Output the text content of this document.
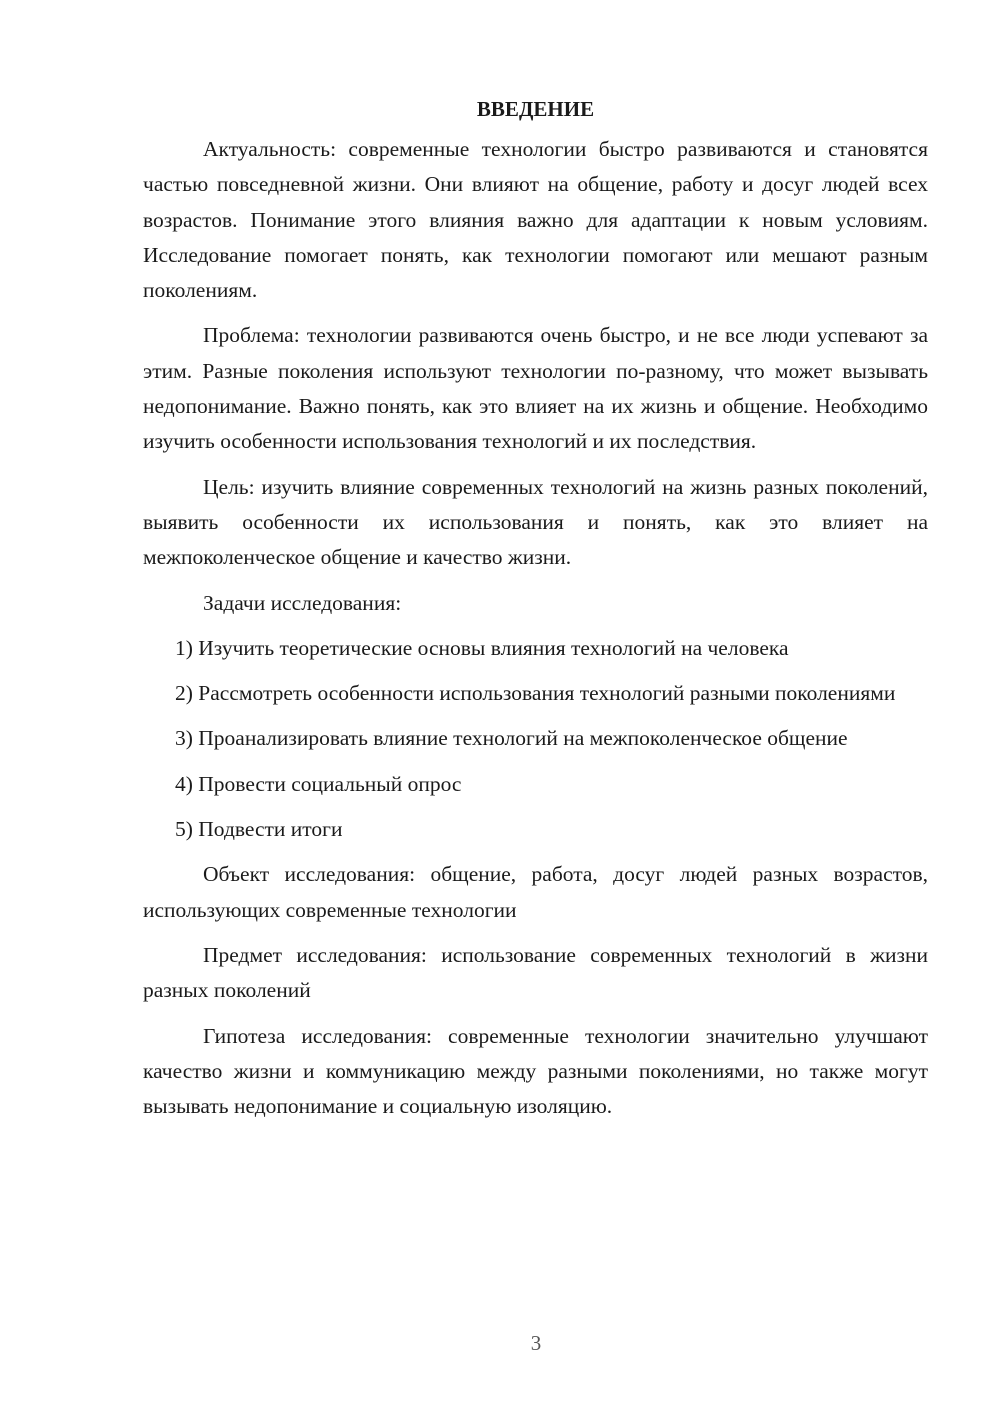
ВВЕДЕНИЕ

Актуальность: современные технологии быстро развиваются и становятся частью повседневной жизни. Они влияют на общение, работу и досуг людей всех возрастов. Понимание этого влияния важно для адаптации к новым условиям. Исследование помогает понять, как технологии помогают или мешают разным поколениям.

Проблема: технологии развиваются очень быстро, и не все люди успевают за этим. Разные поколения используют технологии по-разному, что может вызывать недопонимание. Важно понять, как это влияет на их жизнь и общение. Необходимо изучить особенности использования технологий и их последствия.

Цель: изучить влияние современных технологий на жизнь разных поколений, выявить особенности их использования и понять, как это влияет на межпоколенческое общение и качество жизни.

Задачи исследования:

1) Изучить теоретические основы влияния технологий на человека

2) Рассмотреть особенности использования технологий разными поколениями

3) Проанализировать влияние технологий на межпоколенческое общение

4) Провести социальный опрос

5) Подвести итоги

Объект исследования: общение, работа, досуг людей разных возрастов, использующих современные технологии

Предмет исследования: использование современных технологий в жизни разных поколений

Гипотеза исследования: современные технологии значительно улучшают качество жизни и коммуникацию между разными поколениями, но также могут вызывать недопонимание и социальную изоляцию.

3
